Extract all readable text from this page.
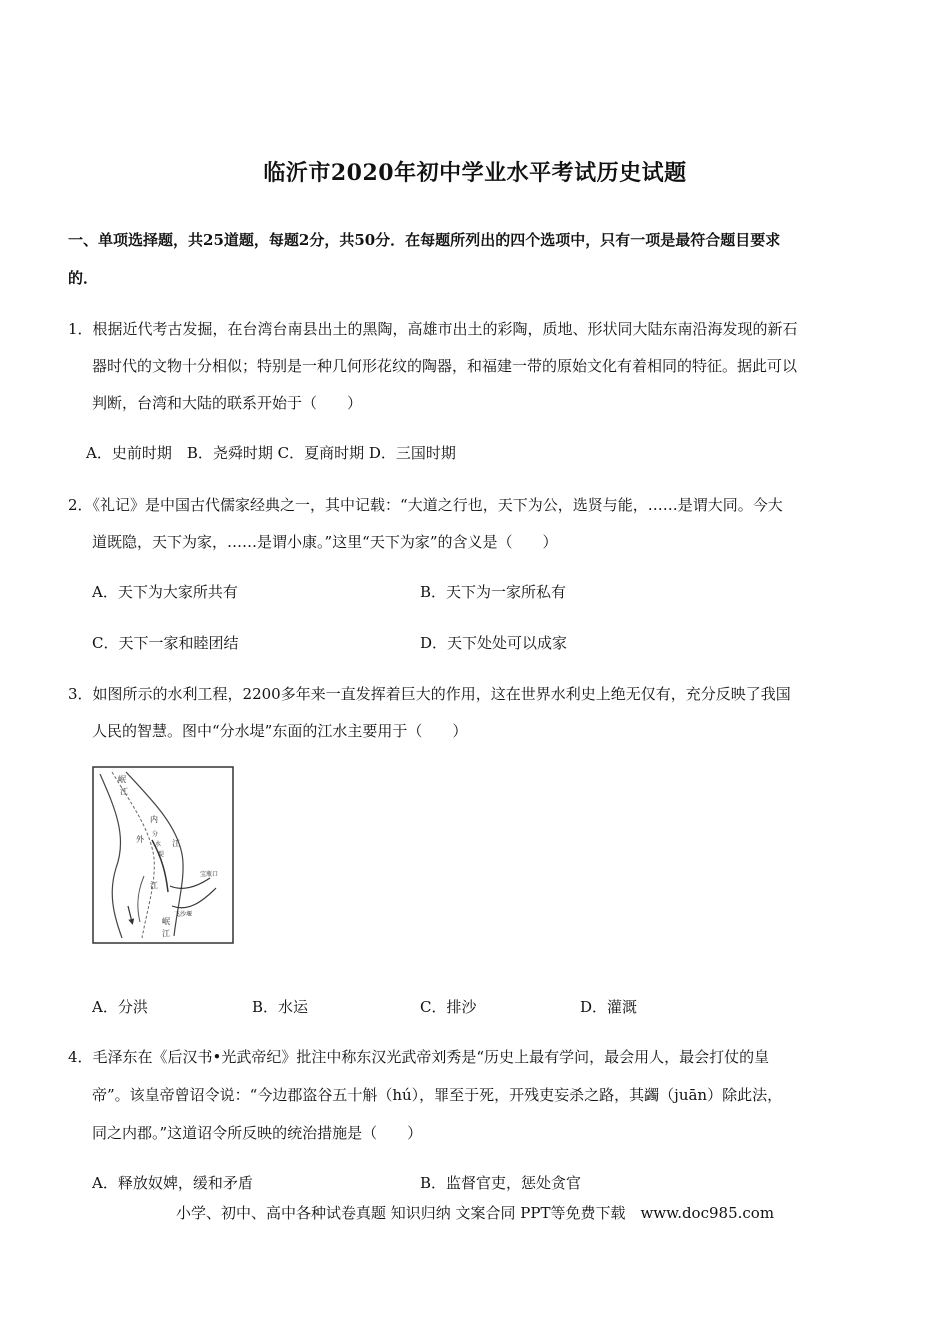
临沂市2020年初中学业水平考试历史试题
一、单项选择题，共25道题，每题2分，共50分．在每题所列出的四个选项中，只有一项是最符合题目要求
的．
1．根据近代考古发掘，在台湾台南县出土的黑陶，高雄市出土的彩陶，质地、形状同大陆东南沿海发现的新石
器时代的文物十分相似；特别是一种几何形花纹的陶器，和福建一带的原始文化有着相同的特征。据此可以
判断，台湾和大陆的联系开始于（　　）
A．史前时期　B．尧舜时期 C．夏商时期 D．三国时期
2．《礼记》是中国古代儒家经典之一，其中记载：“大道之行也，天下为公，选贤与能，……是谓大同。今大
道既隐，天下为家，……是谓小康。”这里“天下为家”的含义是（　　）
A．天下为大家所共有	B．天下为一家所私有
C．天下一家和睦团结	D．天下处处可以成家
3．如图所示的水利工程，2200多年来一直发挥着巨大的作用，这在世界水利史上绝无仅有，充分反映了我国
人民的智慧。图中“分水堤”东面的江水主要用于（　　）
岷
江
内
外	江
分
水
堤
江
宝瓶口
飞沙堰
岷
江
A．分洪	B．水运	C．排沙	D．灌溉
4．毛泽东在《后汉书•光武帝纪》批注中称东汉光武帝刘秀是“历史上最有学问，最会用人，最会打仗的皇
帝”。该皇帝曾诏令说：“今边郡盗谷五十斛（hú），罪至于死，开残吏妄杀之路，其蠲（juān）除此法，
同之内郡。”这道诏令所反映的统治措施是（　　）
A．释放奴婢，缓和矛盾	B．监督官吏，惩处贪官
小学、初中、高中各种试卷真题 知识归纳 文案合同 PPT等免费下载　www.doc985.com
